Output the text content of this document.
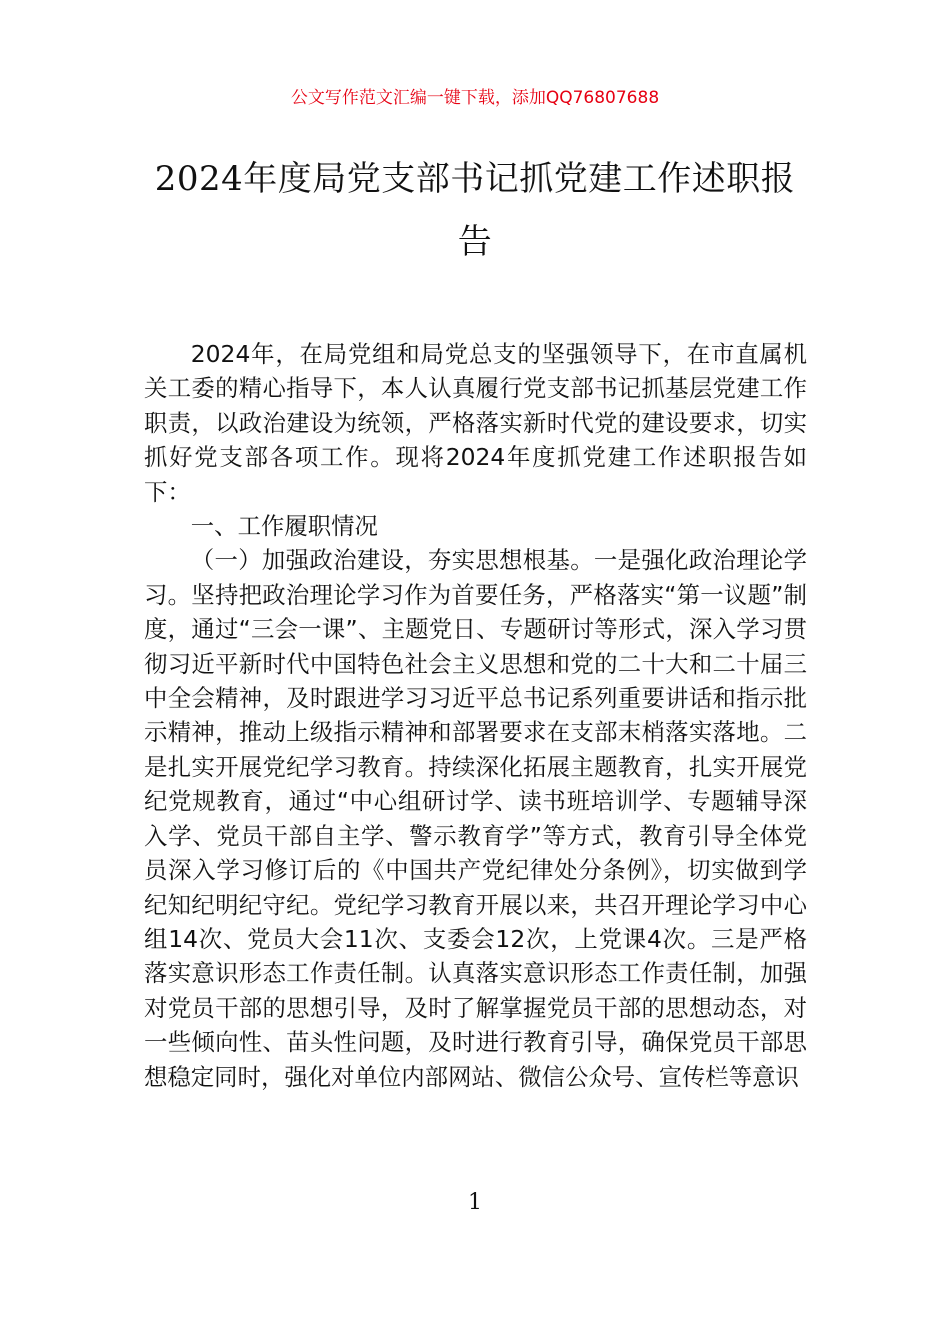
公文写作范文汇编一键下载，添加QQ76807688
2024年度局党支部书记抓党建工作述职报告

2024年，在局党组和局党总支的坚强领导下，在市直属机关工委的精心指导下，本人认真履行党支部书记抓基层党建工作职责，以政治建设为统领，严格落实新时代党的建设要求，切实抓好党支部各项工作。现将2024年度抓党建工作述职报告如下：

一、工作履职情况

（一）加强政治建设，夯实思想根基。一是强化政治理论学习。坚持把政治理论学习作为首要任务，严格落实“第一议题”制度，通过“三会一课”、主题党日、专题研讨等形式，深入学习贯彻习近平新时代中国特色社会主义思想和党的二十大和二十届三中全会精神，及时跟进学习习近平总书记系列重要讲话和指示批示精神，推动上级指示精神和部署要求在支部末梢落实落地。二是扎实开展党纪学习教育。持续深化拓展主题教育，扎实开展党纪党规教育，通过“中心组研讨学、读书班培训学、专题辅导深入学、党员干部自主学、警示教育学”等方式，教育引导全体党员深入学习修订后的《中国共产党纪律处分条例》，切实做到学纪知纪明纪守纪。党纪学习教育开展以来，共召开理论学习中心组14次、党员大会11次、支委会12次，上党课4次。三是严格落实意识形态工作责任制。认真落实意识形态工作责任制，加强对党员干部的思想引导，及时了解掌握党员干部的思想动态，对一些倾向性、苗头性问题，及时进行教育引导，确保党员干部思想稳定同时，强化对单位内部网站、微信公众号、宣传栏等意识

1
